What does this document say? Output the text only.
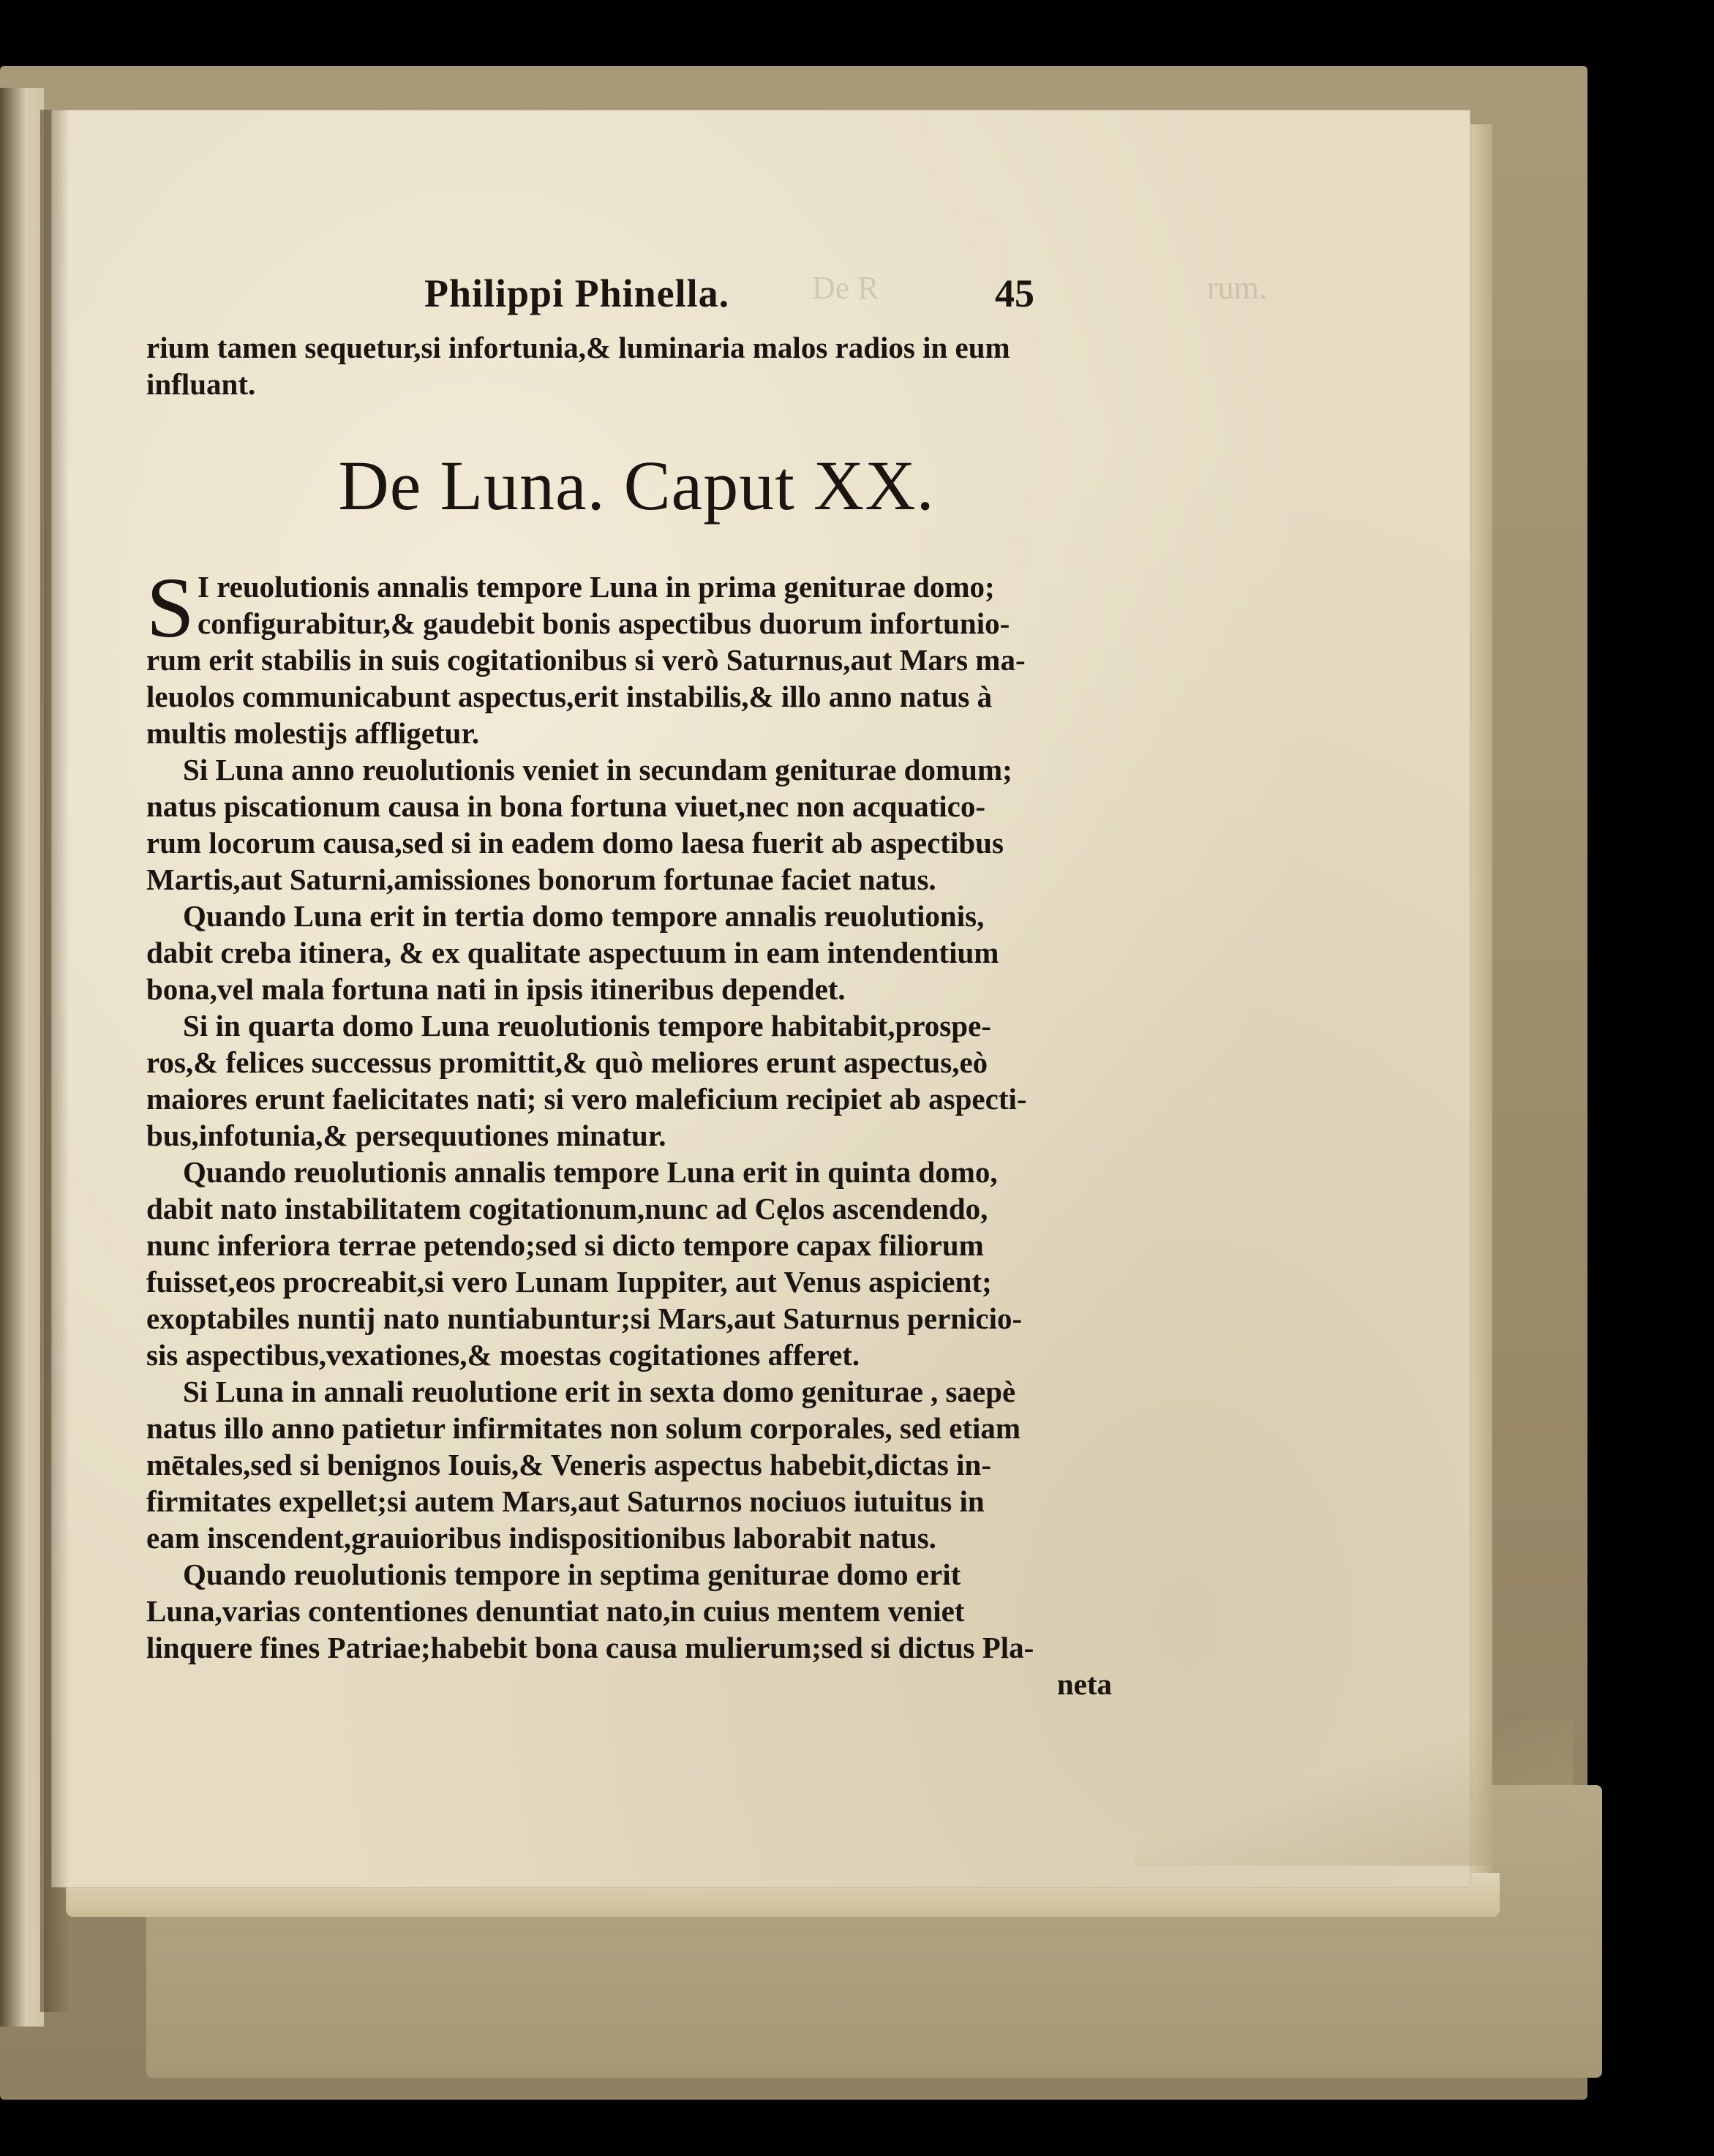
De R	rum.
Philippi Phinella.	45
rium tamen sequetur,si infortunia,& luminaria malos radios in eum
influant.
De Luna. Caput XX.
S I reuolutionis annalis tempore Luna in prima geniturae domo;
configurabitur,& gaudebit bonis aspectibus duorum infortunio-
rum erit stabilis in suis cogitationibus si verò Saturnus,aut Mars ma-
leuolos communicabunt aspectus,erit instabilis,& illo anno natus à
multis molestijs affligetur.
Si Luna anno reuolutionis veniet in secundam geniturae domum;
natus piscationum causa in bona fortuna viuet,nec non acquatico-
rum locorum causa,sed si in eadem domo laesa fuerit ab aspectibus
Martis,aut Saturni,amissiones bonorum fortunae faciet natus.
Quando Luna erit in tertia domo tempore annalis reuolutionis,
dabit creba itinera, & ex qualitate aspectuum in eam intendentium
bona,vel mala fortuna nati in ipsis itineribus dependet.
Si in quarta domo Luna reuolutionis tempore habitabit,prospe-
ros,& felices successus promittit,& quò meliores erunt aspectus,eò
maiores erunt faelicitates nati; si vero maleficium recipiet ab aspecti-
bus,infotunia,& persequutiones minatur.
Quando reuolutionis annalis tempore Luna erit in quinta domo,
dabit nato instabilitatem cogitationum,nunc ad Cęlos ascendendo,
nunc inferiora terrae petendo;sed si dicto tempore capax filiorum
fuisset,eos procreabit,si vero Lunam Iuppiter, aut Venus aspicient;
exoptabiles nuntij nato nuntiabuntur;si Mars,aut Saturnus pernicio-
sis aspectibus,vexationes,& moestas cogitationes afferet.
Si Luna in annali reuolutione erit in sexta domo geniturae , saepè
natus illo anno patietur infirmitates non solum corporales, sed etiam
mētales,sed si benignos Iouis,& Veneris aspectus habebit,dictas in-
firmitates expellet;si autem Mars,aut Saturnos nociuos iutuitus in
eam inscendent,grauioribus indispositionibus laborabit natus.
Quando reuolutionis tempore in septima geniturae domo erit
Luna,varias contentiones denuntiat nato,in cuius mentem veniet
linquere fines Patriae;habebit bona causa mulierum;sed si dictus Pla-
neta
